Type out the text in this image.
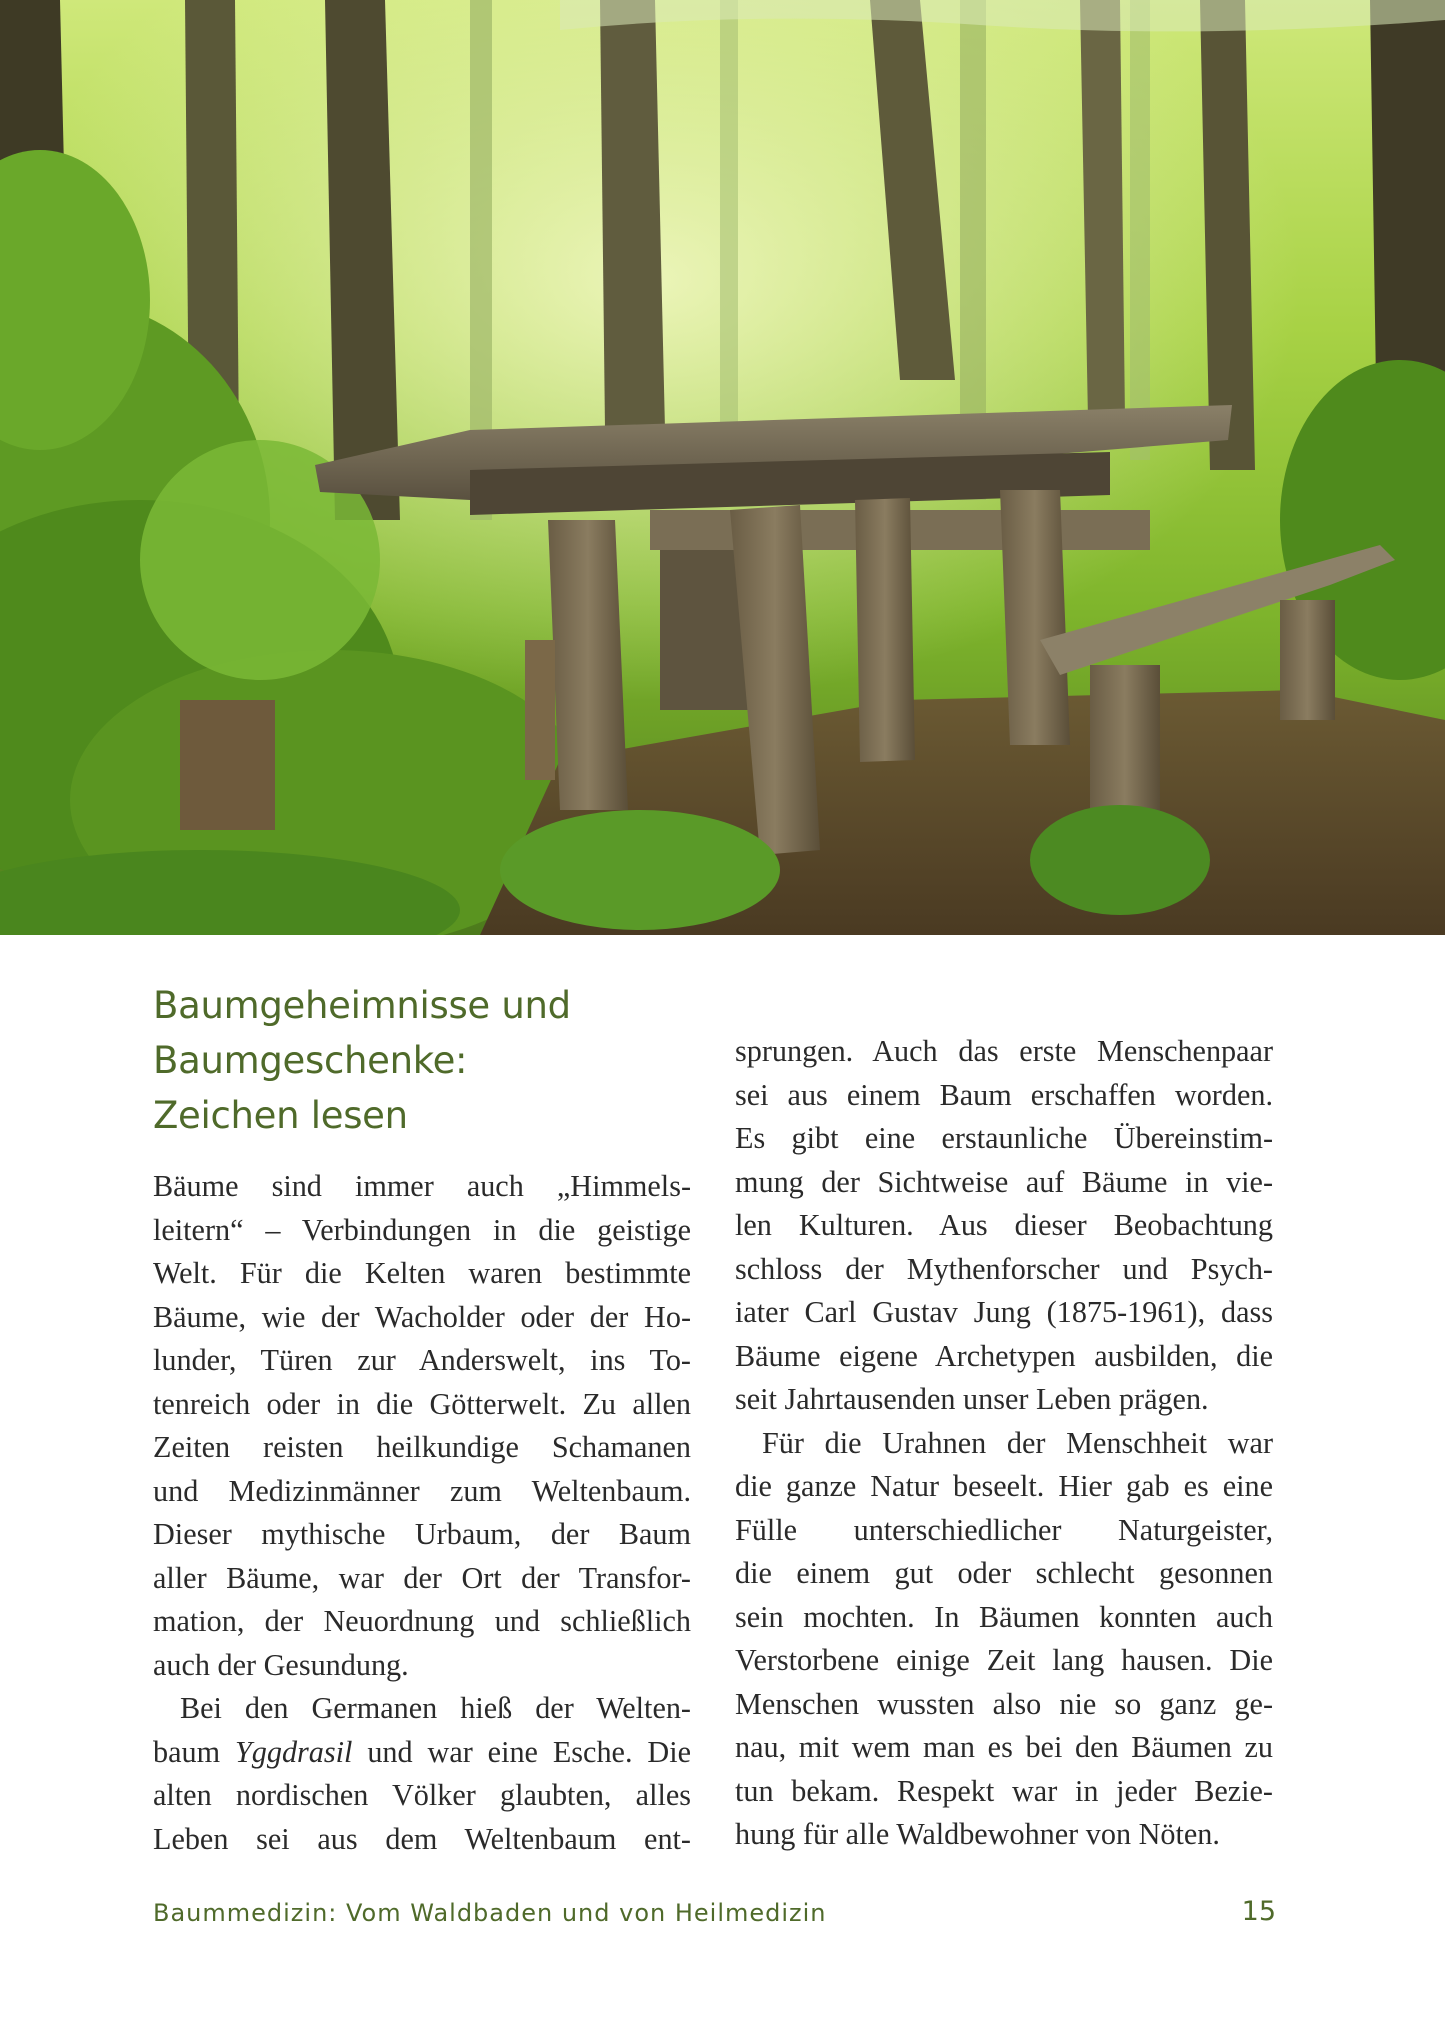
Baumgeheimnisse und
Baumgeschenke:
Zeichen lesen
Bäume sind immer auch „Himmels-
leitern“ – Verbindungen in die geistige
Welt. Für die Kelten waren bestimmte
Bäume, wie der Wacholder oder der Ho-
lunder, Türen zur Anderswelt, ins To-
tenreich oder in die Götterwelt. Zu allen
Zeiten reisten heilkundige Schamanen
und Medizinmänner zum Weltenbaum.
Dieser mythische Urbaum, der Baum
aller Bäume, war der Ort der Transfor-
mation, der Neuordnung und schließlich
auch der Gesundung.
Bei den Germanen hieß der Welten-
baum Yggdrasil und war eine Esche. Die
alten nordischen Völker glaubten, alles
Leben sei aus dem Weltenbaum ent-
sprungen. Auch das erste Menschenpaar
sei aus einem Baum erschaffen worden.
Es gibt eine erstaunliche Übereinstim-
mung der Sichtweise auf Bäume in vie-
len Kulturen. Aus dieser Beobachtung
schloss der Mythenforscher und Psych-
iater Carl Gustav Jung (1875-1961), dass
Bäume eigene Archetypen ausbilden, die
seit Jahrtausenden unser Leben prägen.
Für die Urahnen der Menschheit war
die ganze Natur beseelt. Hier gab es eine
Fülle unterschiedlicher Naturgeister,
die einem gut oder schlecht gesonnen
sein mochten. In Bäumen konnten auch
Verstorbene einige Zeit lang hausen. Die
Menschen wussten also nie so ganz ge-
nau, mit wem man es bei den Bäumen zu
tun bekam. Respekt war in jeder Bezie-
hung für alle Waldbewohner von Nöten.
Baummedizin: Vom Waldbaden und von Heilmedizin	15
